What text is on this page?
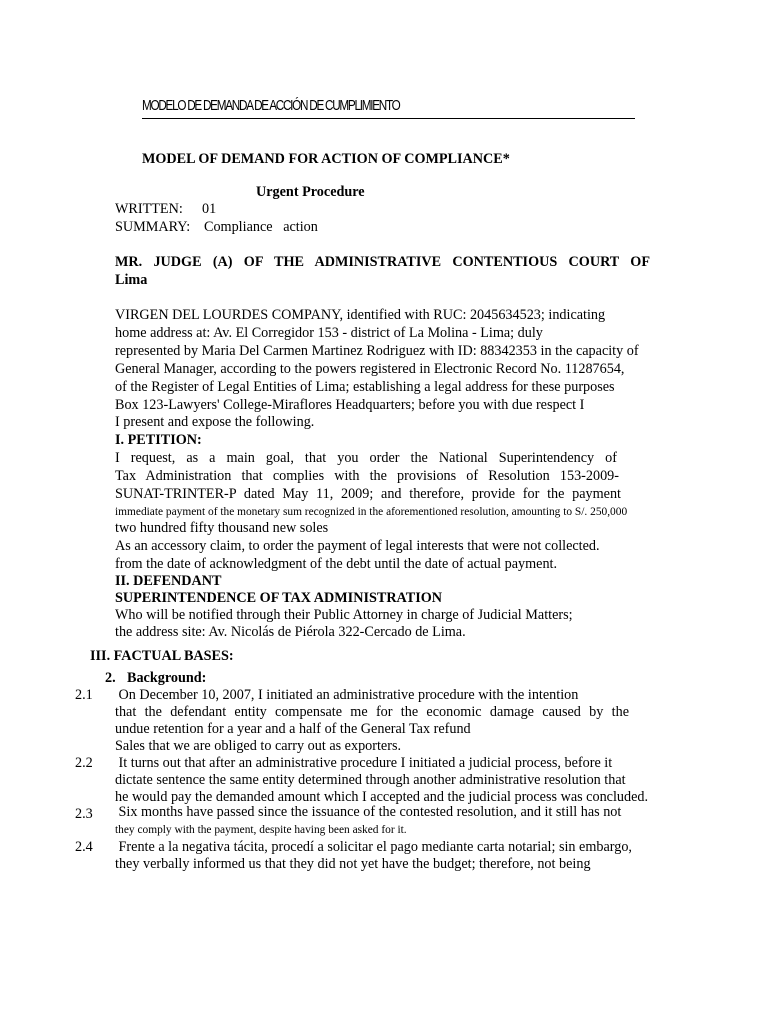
MODELO DE DEMANDA DE ACCIÓN DE CUMPLIMIENTO
MODEL OF DEMAND FOR ACTION OF COMPLIANCE*
Urgent Procedure
WRITTEN: 01
SUMMARY: Compliance   action
MR. JUDGE (A) OF THE ADMINISTRATIVE CONTENTIOUS COURT OF
Lima
VIRGEN DEL LOURDES COMPANY, identified with RUC: 2045634523; indicating
home address at: Av. El Corregidor 153 - district of La Molina - Lima; duly
represented by Maria Del Carmen Martinez Rodriguez with ID: 88342353 in the capacity of
General Manager, according to the powers registered in Electronic Record No. 11287654,
of the Register of Legal Entities of Lima; establishing a legal address for these purposes
Box 123-Lawyers' College-Miraflores Headquarters; before you with due respect I
I present and expose the following.
I. PETITION:
I request, as a main goal, that you order the National Superintendency of
Tax Administration that complies with the provisions of Resolution 153-2009-
SUNAT-TRINTER-P dated May 11, 2009; and therefore, provide for the payment
immediate payment of the monetary sum recognized in the aforementioned resolution, amounting to S/. 250,000
two hundred fifty thousand new soles
As an accessory claim, to order the payment of legal interests that were not collected.
from the date of acknowledgment of the debt until the date of actual payment.
II. DEFENDANT
SUPERINTENDENCE OF TAX ADMINISTRATION
Who will be notified through their Public Attorney in charge of Judicial Matters;
the address site: Av. Nicolás de Piérola 322-Cercado de Lima.
III. FACTUAL BASES:
2. Background:
2.1 On December 10, 2007, I initiated an administrative procedure with the intention
that the defendant entity compensate me for the economic damage caused by the
undue retention for a year and a half of the General Tax refund
Sales that we are obliged to carry out as exporters.
2.2 It turns out that after an administrative procedure I initiated a judicial process, before it
dictate sentence the same entity determined through another administrative resolution that
he would pay the demanded amount which I accepted and the judicial process was concluded.
2.3 Six months have passed since the issuance of the contested resolution, and it still has not
they comply with the payment, despite having been asked for it.
2.4 Frente a la negativa tácita, procedí a solicitar el pago mediante carta notarial; sin embargo,
they verbally informed us that they did not yet have the budget; therefore, not being
